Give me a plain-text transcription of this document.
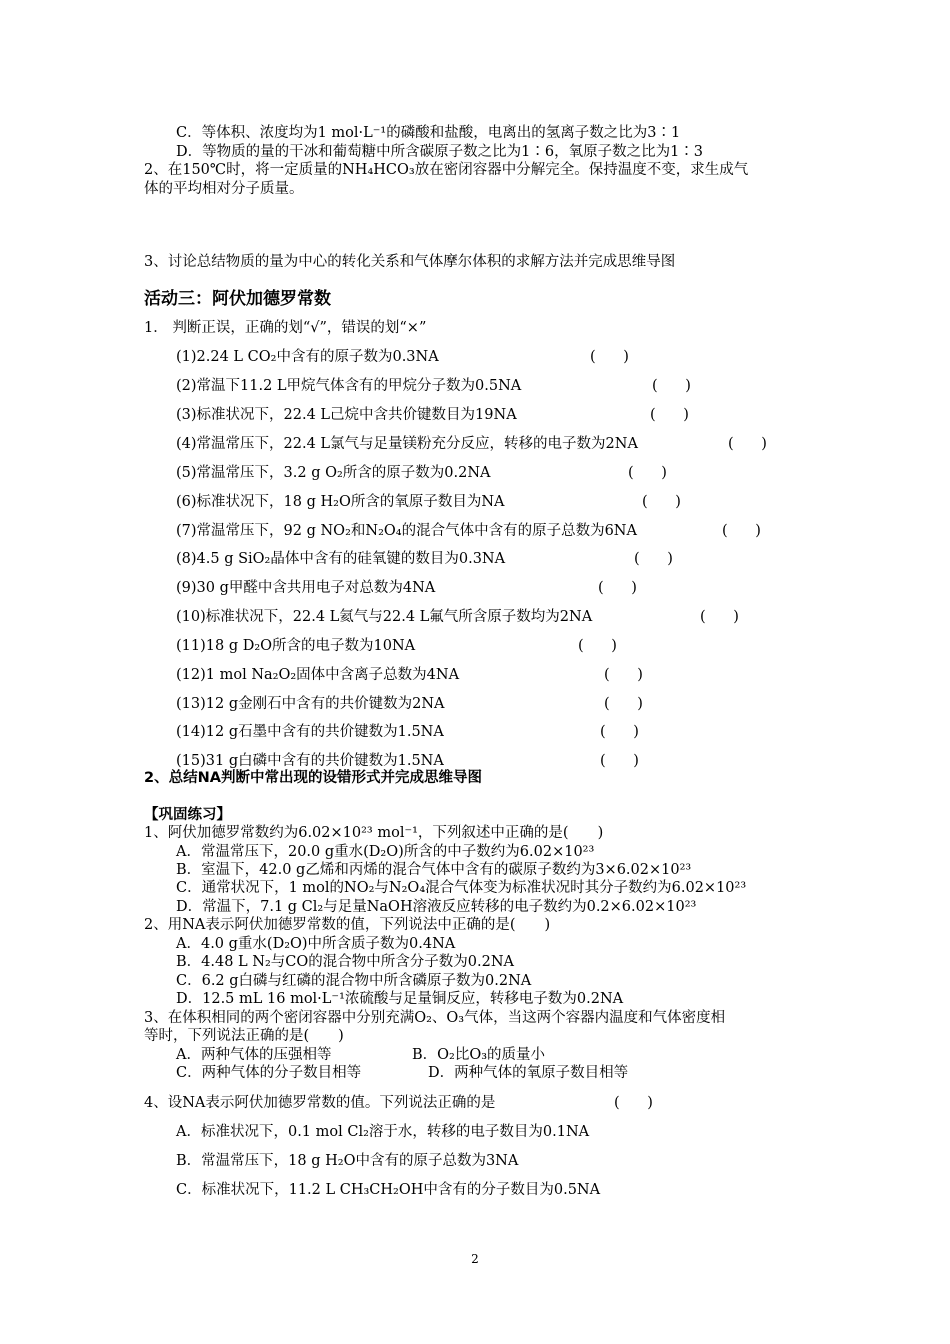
C．等体积、浓度均为1 mol·L⁻¹的磷酸和盐酸，电离出的氢离子数之比为3∶1
D．等物质的量的干冰和葡萄糖中所含碳原子数之比为1∶6，氧原子数之比为1∶3
2、在150℃时，将一定质量的NH₄HCO₃放在密闭容器中分解完全。保持温度不变，求生成气
体的平均相对分子质量。
3、讨论总结物质的量为中心的转化关系和气体摩尔体积的求解方法并完成思维导图
活动三：阿伏加德罗常数
1． 判断正误，正确的划“√”，错误的划“×”
(1)2.24 L CO₂中含有的原子数为0.3NA	(      )
(2)常温下11.2 L甲烷气体含有的甲烷分子数为0.5NA	(      )
(3)标准状况下，22.4 L己烷中含共价键数目为19NA	(      )
(4)常温常压下，22.4 L氯气与足量镁粉充分反应，转移的电子数为2NA	(      )
(5)常温常压下，3.2 g O₂所含的原子数为0.2NA	(      )
(6)标准状况下，18 g H₂O所含的氧原子数目为NA	(      )
(7)常温常压下，92 g NO₂和N₂O₄的混合气体中含有的原子总数为6NA	(      )
(8)4.5 g SiO₂晶体中含有的硅氧键的数目为0.3NA	(      )
(9)30 g甲醛中含共用电子对总数为4NA	(      )
(10)标准状况下，22.4 L氦气与22.4 L氟气所含原子数均为2NA	(      )
(11)18 g D₂O所含的电子数为10NA	(      )
(12)1 mol Na₂O₂固体中含离子总数为4NA	(      )
(13)12 g金刚石中含有的共价键数为2NA	(      )
(14)12 g石墨中含有的共价键数为1.5NA	(      )
(15)31 g白磷中含有的共价键数为1.5NA	(      )
2、总结NA判断中常出现的设错形式并完成思维导图
【巩固练习】
1、阿伏加德罗常数约为6.02×10²³ mol⁻¹，下列叙述中正确的是(　　)
A．常温常压下，20.0 g重水(D₂O)所含的中子数约为6.02×10²³
B．室温下，42.0 g乙烯和丙烯的混合气体中含有的碳原子数约为3×6.02×10²³
C．通常状况下，1 mol的NO₂与N₂O₄混合气体变为标准状况时其分子数约为6.02×10²³
D．常温下，7.1 g Cl₂与足量NaOH溶液反应转移的电子数约为0.2×6.02×10²³
2、用NA表示阿伏加德罗常数的值，下列说法中正确的是(　　)
A．4.0 g重水(D₂O)中所含质子数为0.4NA
B．4.48 L N₂与CO的混合物中所含分子数为0.2NA
C．6.2 g白磷与红磷的混合物中所含磷原子数为0.2NA
D．12.5 mL 16 mol·L⁻¹浓硫酸与足量铜反应，转移电子数为0.2NA
3、在体积相同的两个密闭容器中分别充满O₂、O₃气体，当这两个容器内温度和气体密度相
等时，下列说法正确的是(　　)
A．两种气体的压强相等	B．O₂比O₃的质量小
C．两种气体的分子数目相等	D．两种气体的氧原子数目相等
4、设NA表示阿伏加德罗常数的值。下列说法正确的是	(      )
A．标准状况下，0.1 mol Cl₂溶于水，转移的电子数目为0.1NA
B．常温常压下，18 g H₂O中含有的原子总数为3NA
C．标准状况下，11.2 L CH₃CH₂OH中含有的分子数目为0.5NA
2
